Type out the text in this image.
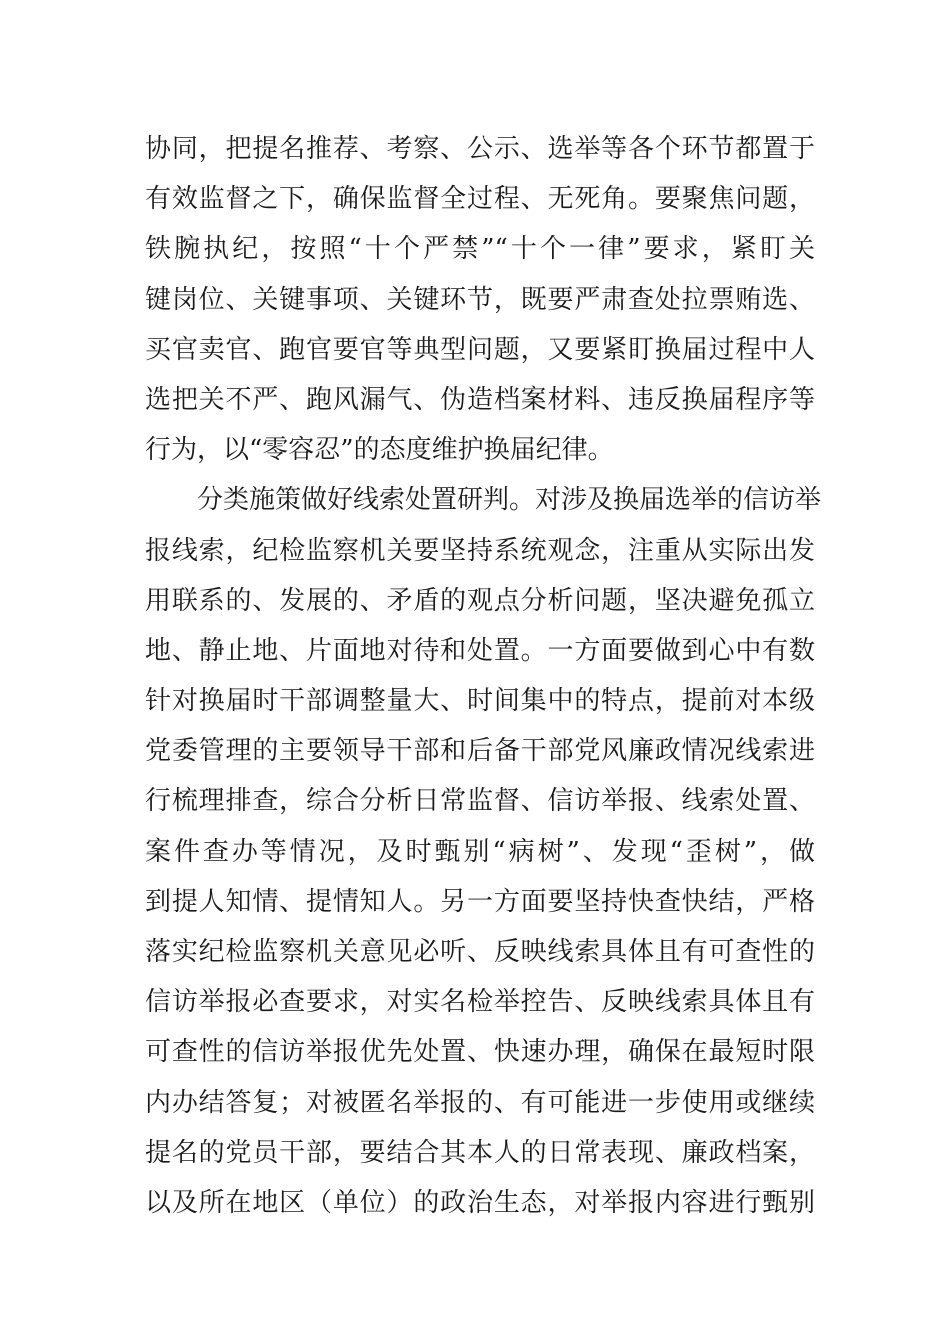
协同，把提名推荐、考察、公示、选举等各个环节都置于
有效监督之下，确保监督全过程、无死角。要聚焦问题，
铁腕执纪，按照“十个严禁”“十个一律”要求，紧盯关
键岗位、关键事项、关键环节，既要严肃查处拉票贿选、
买官卖官、跑官要官等典型问题，又要紧盯换届过程中人
选把关不严、跑风漏气、伪造档案材料、违反换届程序等
行为，以“零容忍”的态度维护换届纪律。
分类施策做好线索处置研判。对涉及换届选举的信访举
报线索，纪检监察机关要坚持系统观念，注重从实际出发
用联系的、发展的、矛盾的观点分析问题，坚决避免孤立
地、静止地、片面地对待和处置。一方面要做到心中有数
针对换届时干部调整量大、时间集中的特点，提前对本级
党委管理的主要领导干部和后备干部党风廉政情况线索进
行梳理排查，综合分析日常监督、信访举报、线索处置、
案件查办等情况，及时甄别“病树”、发现“歪树”，做
到提人知情、提情知人。另一方面要坚持快查快结，严格
落实纪检监察机关意见必听、反映线索具体且有可查性的
信访举报必查要求，对实名检举控告、反映线索具体且有
可查性的信访举报优先处置、快速办理，确保在最短时限
内办结答复；对被匿名举报的、有可能进一步使用或继续
提名的党员干部，要结合其本人的日常表现、廉政档案，
以及所在地区（单位）的政治生态，对举报内容进行甄别
